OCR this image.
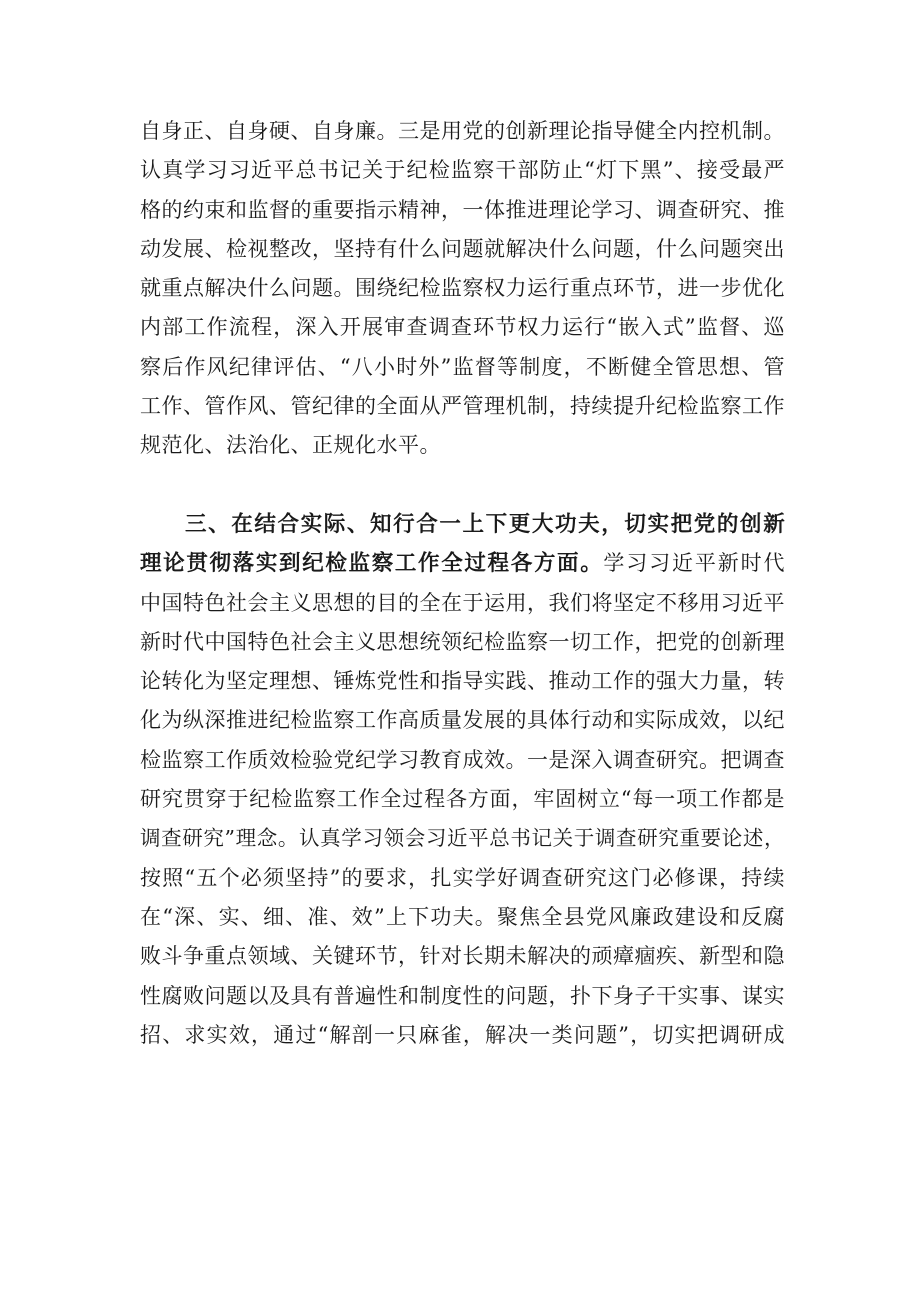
自身正、自身硬、自身廉。三是用党的创新理论指导健全内控机制。
认真学习习近平总书记关于纪检监察干部防止“灯下黑”、接受最严
格的约束和监督的重要指示精神，一体推进理论学习、调查研究、推
动发展、检视整改，坚持有什么问题就解决什么问题，什么问题突出
就重点解决什么问题。围绕纪检监察权力运行重点环节，进一步优化
内部工作流程，深入开展审查调查环节权力运行“嵌入式”监督、巡
察后作风纪律评估、“八小时外”监督等制度，不断健全管思想、管
工作、管作风、管纪律的全面从严管理机制，持续提升纪检监察工作
规范化、法治化、正规化水平。
三、在结合实际、知行合一上下更大功夫，切实把党的创新
理论贯彻落实到纪检监察工作全过程各方面。学习习近平新时代
中国特色社会主义思想的目的全在于运用，我们将坚定不移用习近平
新时代中国特色社会主义思想统领纪检监察一切工作，把党的创新理
论转化为坚定理想、锤炼党性和指导实践、推动工作的强大力量，转
化为纵深推进纪检监察工作高质量发展的具体行动和实际成效，以纪
检监察工作质效检验党纪学习教育成效。一是深入调查研究。把调查
研究贯穿于纪检监察工作全过程各方面，牢固树立“每一项工作都是
调查研究”理念。认真学习领会习近平总书记关于调查研究重要论述，
按照“五个必须坚持”的要求，扎实学好调查研究这门必修课，持续
在“深、实、细、准、效”上下功夫。聚焦全县党风廉政建设和反腐
败斗争重点领域、关键环节，针对长期未解决的顽瘴痼疾、新型和隐
性腐败问题以及具有普遍性和制度性的问题，扑下身子干实事、谋实
招、求实效，通过“解剖一只麻雀，解决一类问题”，切实把调研成
